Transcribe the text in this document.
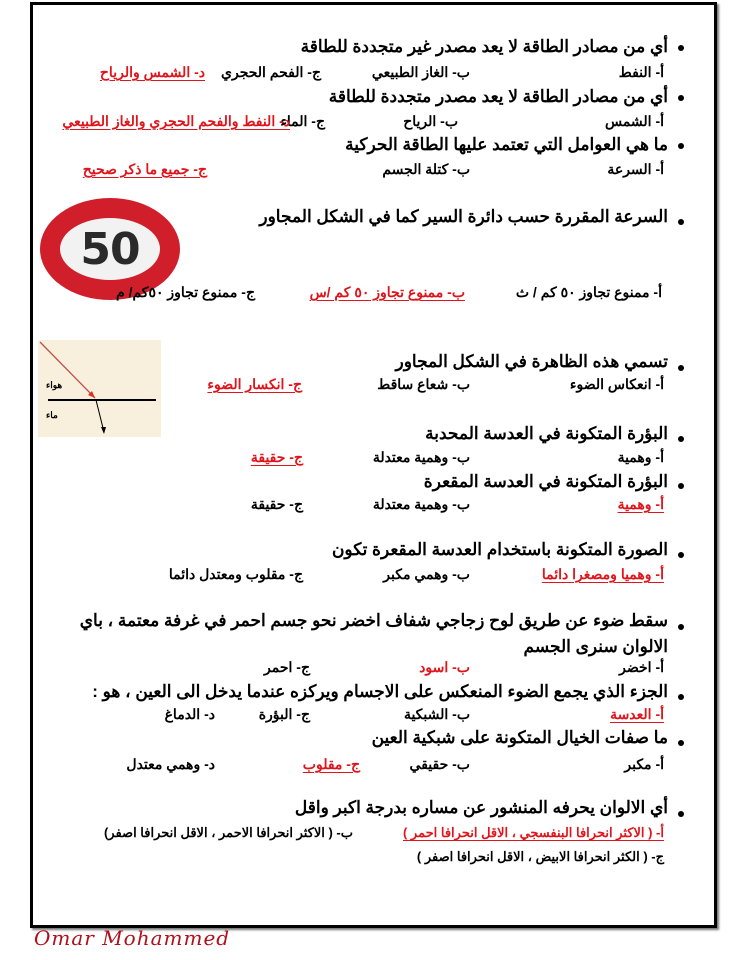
أي من مصادر الطاقة لا يعد مصدر غير متجددة للطاقة
أ- النفط
ب- الغاز الطبيعي
ج- الفحم الحجري
د- الشمس والرياح
أي من مصادر الطاقة لا يعد مصدر متجددة للطاقة
أ- الشمس
ب- الرياح
ج- الماء
د- النفط والفحم الحجري والغاز الطبيعي
ما هي العوامل التي تعتمد عليها الطاقة الحركية
أ- السرعة
ب- كتلة الجسم
ج- جميع ما ذكر صحيح
50
السرعة المقررة حسب دائرة السير كما في الشكل المجاور
أ- ممنوع تجاوز ٥٠ كم / ث
ب- ممنوع تجاوز ٥٠ كم /س
ج- ممنوع تجاوز ٥٠كم/ م
هواء
ماء
تسمي هذه الظاهرة في الشكل المجاور
أ- انعكاس الضوء
ب- شعاع ساقط
ج- انكسار الضوء
البؤرة المتكونة في العدسة المحدبة
أ- وهمية
ب- وهمية معتدلة
ج- حقيقة
البؤرة المتكونة في العدسة المقعرة
أ- وهمية
ب- وهمية معتدلة
ج- حقيقة
الصورة المتكونة باستخدام العدسة المقعرة تكون
أ- وهميا ومصغرا دائما
ب- وهمي مكبر
ج- مقلوب ومعتدل دائما
سقط ضوء عن طريق لوح زجاجي شفاف اخضر نحو جسم احمر في غرفة معتمة ، باي
الالوان سنرى الجسم
أ- اخضر
ب- اسود
ج- احمر
الجزء الذي يجمع الضوء المنعكس على الاجسام ويركزه عندما يدخل الى العين ، هو :
أ- العدسة
ب- الشبكية
ج- البؤرة
د- الدماغ
ما صفات الخيال المتكونة على شبكية العين
أ- مكبر
ب- حقيقي
ج- مقلوب
د- وهمي معتدل
أي الالوان يحرفه المنشور عن مساره بدرجة اكبر واقل
أ- ( الاكثر انحرافا البنفسجي ، الاقل انحرافا احمر )
ب- ( الاكثر انحرافا الاحمر ، الاقل انحرافا اصفر)
ج- ( الكثر انحرافا الابيض ، الاقل انحرافا اصفر )
Omar Mohammed
